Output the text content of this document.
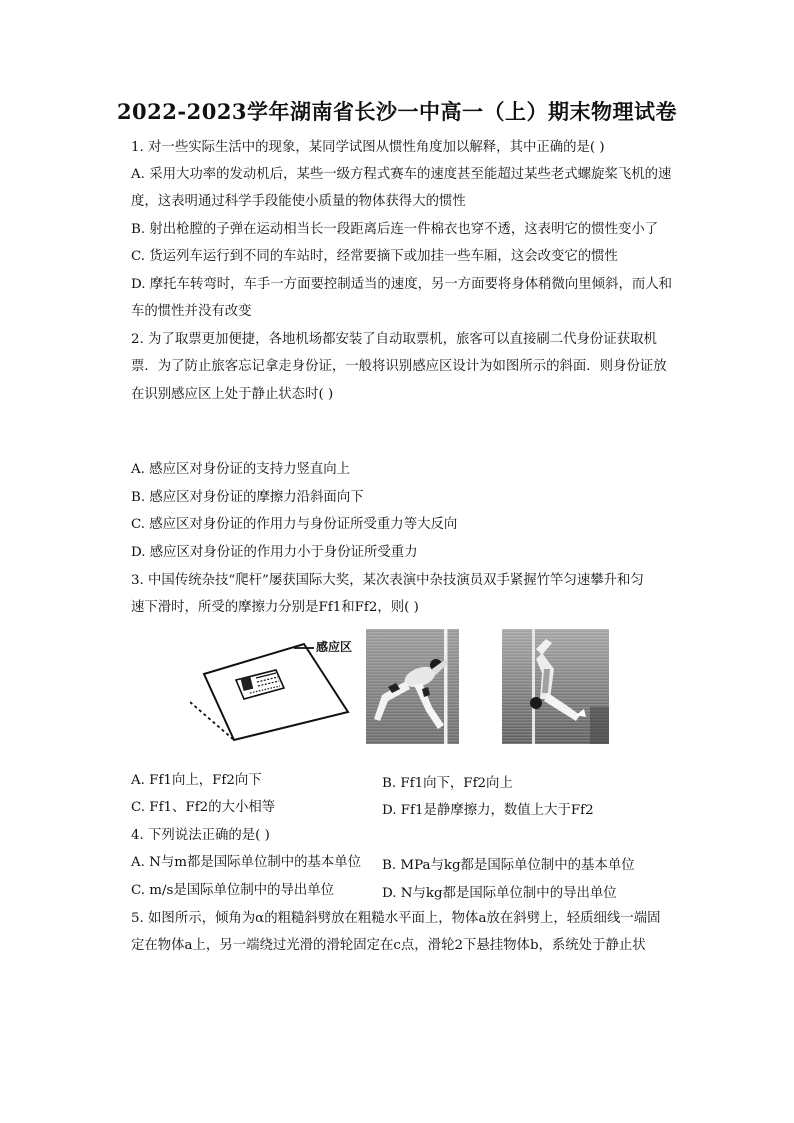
2022-2023学年湖南省长沙一中高一（上）期末物理试卷
1. 对一些实际生活中的现象，某同学试图从惯性角度加以解释，其中正确的是( )
A. 采用大功率的发动机后，某些一级方程式赛车的速度甚至能超过某些老式螺旋桨飞机的速
度，这表明通过科学手段能使小质量的物体获得大的惯性
B. 射出枪膛的子弹在运动相当长一段距离后连一件棉衣也穿不透，这表明它的惯性变小了
C. 货运列车运行到不同的车站时，经常要摘下或加挂一些车厢，这会改变它的惯性
D. 摩托车转弯时，车手一方面要控制适当的速度，另一方面要将身体稍微向里倾斜，而人和
车的惯性并没有改变
2. 为了取票更加便捷，各地机场都安装了自动取票机，旅客可以直接刷二代身份证获取机
票．为了防止旅客忘记拿走身份证，一般将识别感应区设计为如图所示的斜面．则身份证放
在识别感应区上处于静止状态时( )
A. 感应区对身份证的支持力竖直向上
B. 感应区对身份证的摩擦力沿斜面向下
C. 感应区对身份证的作用力与身份证所受重力等大反向
D. 感应区对身份证的作用力小于身份证所受重力
3. 中国传统杂技“爬杆”屡获国际大奖，某次表演中杂技演员双手紧握竹竿匀速攀升和匀
速下滑时，所受的摩擦力分别是Ff1和Ff2，则( )
感应区
A. Ff1向上，Ff2向下	B. Ff1向下，Ff2向上
C. Ff1、Ff2的大小相等	D. Ff1是静摩擦力，数值上大于Ff2
4. 下列说法正确的是( )
A. N与m都是国际单位制中的基本单位 B. MPa与kg都是国际单位制中的基本单位
C. m/s是国际单位制中的导出单位	D. N与kg都是国际单位制中的导出单位
5. 如图所示，倾角为α的粗糙斜劈放在粗糙水平面上，物体a放在斜劈上，轻质细线一端固
定在物体a上，另一端绕过光滑的滑轮固定在c点，滑轮2下悬挂物体b，系统处于静止状
